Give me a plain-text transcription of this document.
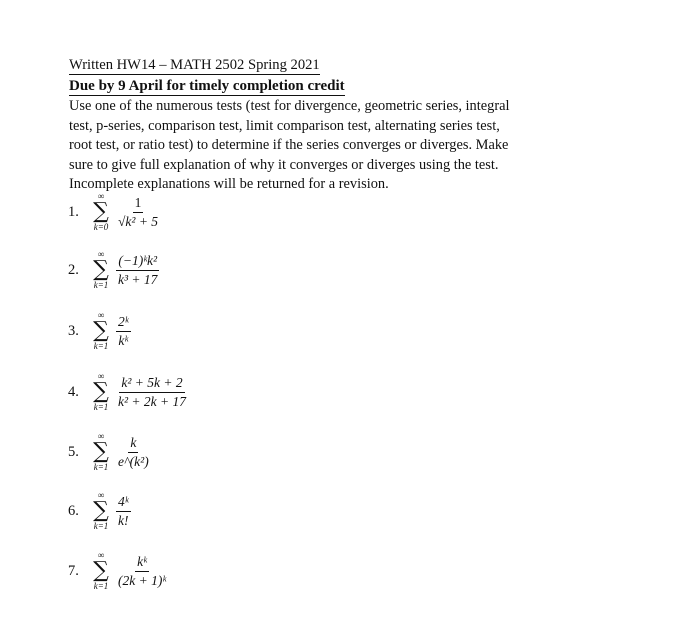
Written HW14 – MATH 2502 Spring 2021
Due by 9 April for timely completion credit
Use one of the numerous tests (test for divergence, geometric series, integral
test, p-series, comparison test, limit comparison test, alternating series test,
root test, or ratio test) to determine if the series converges or diverges. Make
sure to give full explanation of why it converges or diverges using the test.
Incomplete explanations will be returned for a revision.
1.
∞
∑
$k=0 \frac{1}{\text{√k² + 5}}$
2.
∞
∑
$k=1 \frac{\text{(−1)ᵏk²}}{\text{k³ + 17}}$
3.
∞
∑
$k=1 \frac{\text{2ᵏ}}{\text{kᵏ}}$
4.
∞
∑
$k=1 \frac{\text{k² + 5k + 2}}{\text{k² + 2k + 17}}$
5.
∞
∑
$k=1 \frac{k}{\text{e\textasciicircum{}(k²)}}$
6.
∞
∑
$k=1 \frac{\text{4ᵏ}}{k!}$
7.
∞
∑
$k=1 \frac{\text{kᵏ}}{\text{(2k + 1)ᵏ}}$
